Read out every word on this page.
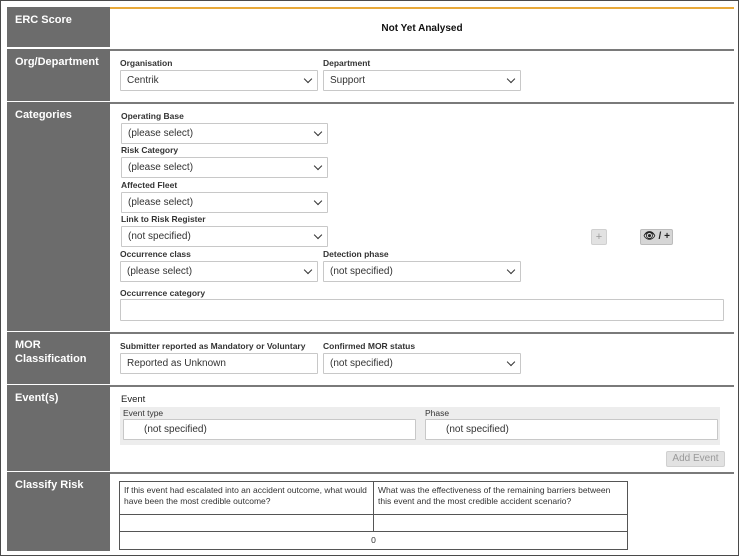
ERC Score
Not Yet Analysed
Org/Department	Organisation
Centrik
Department
Support
Categories	Operating Base
(please select)
Risk Category
(please select)
Affected Fleet
(please select)
Link to Risk Register
(not specified)	+	👁 / +
Occurrence class
(please select)
Detection phase
(not specified)
Occurrence category
MOR Classification
Submitter reported as Mandatory or Voluntary
Reported as Unknown
Confirmed MOR status
(not specified)
Event(s)	Event
Event type
(not specified)
Phase
(not specified)
Add Event
Classify Risk	If this event had escalated into an accident outcome, what would have been the most credible outcome?	What was the effectiveness of the remaining barriers between this event and the most credible accident scenario?

0	
